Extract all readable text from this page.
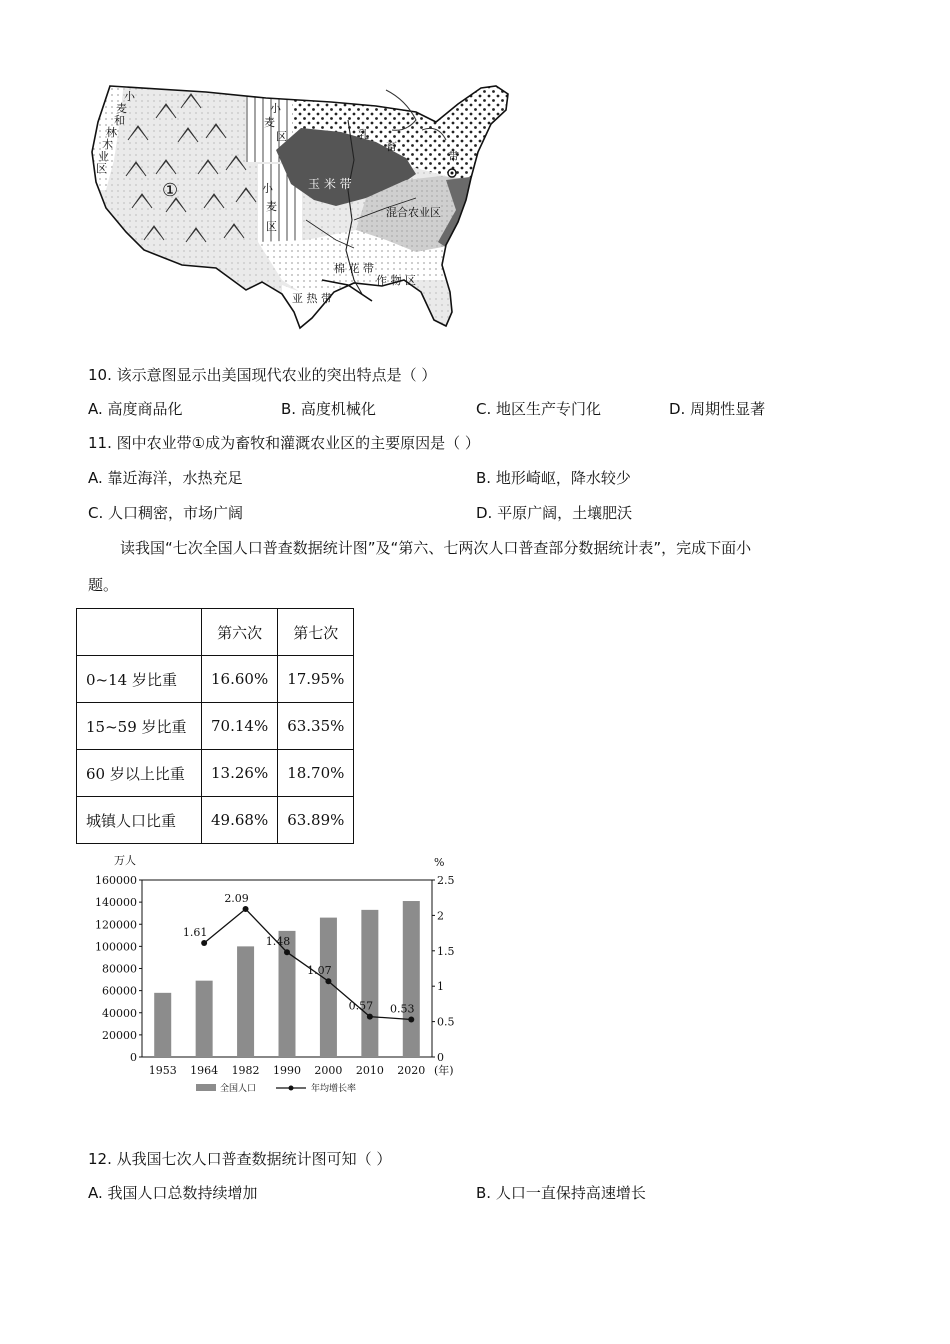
小
麦
和
林
木
业
区
小
麦
区	乳
畜
带
玉 米 带
小
麦
区
混合农业区
棉 花 带
作 物 区
亚 热 带
①
10. 该示意图显示出美国现代农业的突出特点是（ ）
A. 高度商品化	B. 高度机械化	C. 地区生产专门化	D. 周期性显著
11. 图中农业带①成为畜牧和灌溉农业区的主要原因是（ ）
A. 靠近海洋，水热充足	B. 地形崎岖，降水较少
C. 人口稠密，市场广阔	D. 平原广阔，土壤肥沃
读我国“七次全国人口普查数据统计图”及“第六、七两次人口普查部分数据统计表”，完成下面小
题。
	第六次	第七次
0~14 岁比重	16.60%	17.95%
15~59 岁比重	70.14%	63.35%
60 岁以上比重	13.26%	18.70%
城镇人口比重	49.68%	63.89%
0
20000
40000
60000
80000
100000
120000
140000
160000
万人
0
0.5
1
1.5
2
2.5
%
1953 1964 1982 1990 2000 2010 2020 (年)
1.61
2.09
1.48
1.07
0.57 0.53
全国人口	年均增长率
12. 从我国七次人口普查数据统计图可知（ ）
A. 我国人口总数持续增加	B. 人口一直保持高速增长
